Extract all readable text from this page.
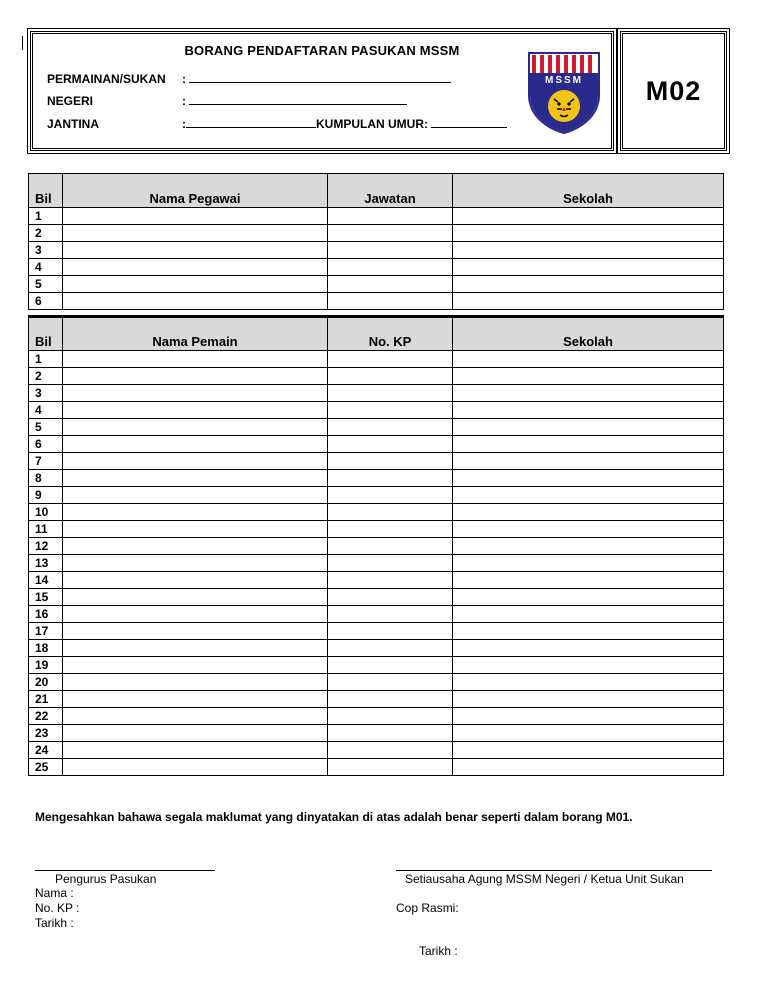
BORANG PENDAFTARAN PASUKAN MSSM
PERMAINAN/SUKAN :
NEGERI	:
JANTINA	:	KUMPULAN UMUR:
MSSM M02
Bil	Nama Pegawai	Jawatan	Sekolah
1			
2			
3			
4			
5			
6			
Bil	Nama Pemain	No. KP	Sekolah
1			
2			
3			
4			
5			
6			
7			
8			
9			
10			
11			
12			
13			
14			
15			
16			
17			
18			
19			
20			
21			
22			
23			
24			
25			
Mengesahkan bahawa segala maklumat yang dinyatakan di atas adalah benar seperti dalam borang M01.
Pengurus Pasukan
Nama :
No. KP :
Tarikh :
Setiausaha Agung MSSM Negeri / Ketua Unit Sukan
Cop Rasmi:
Tarikh :
